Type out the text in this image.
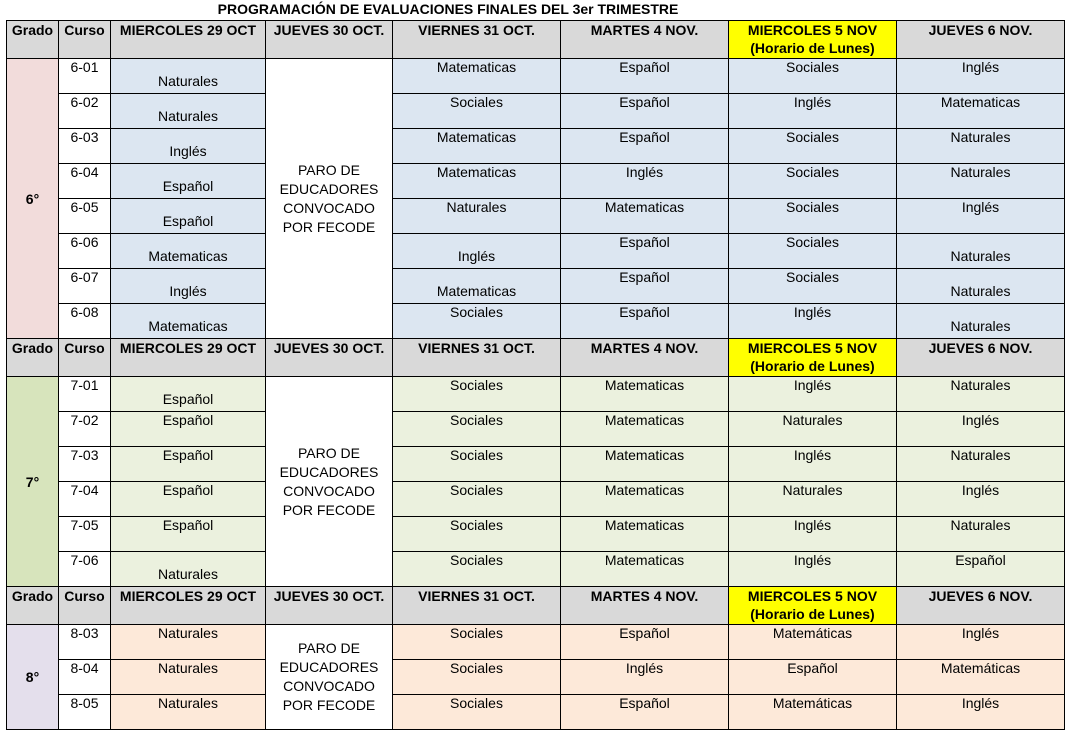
PROGRAMACIÓN DE EVALUACIONES FINALES DEL 3er TRIMESTRE
Grado	Curso	MIERCOLES 29 OCT	JUEVES 30 OCT.	VIERNES 31 OCT.	MARTES 4 NOV.	MIERCOLES 5 NOV
(Horario de Lunes)	JUEVES 6 NOV.
6°	6-01	Naturales	PARO DE
EDUCADORES
CONVOCADO
POR FECODE	Matematicas	Español	Sociales	Inglés
	6-02	Naturales		Sociales	Español	Inglés	Matematicas
	6-03	Inglés		Matematicas	Español	Sociales	Naturales
	6-04	Español		Matematicas	Inglés	Sociales	Naturales
	6-05	Español		Naturales	Matematicas	Sociales	Inglés
	6-06	Matematicas		Inglés	Español	Sociales	Naturales
	6-07	Inglés		Matematicas	Español	Sociales	Naturales
	6-08	Matematicas		Sociales	Español	Inglés	Naturales
Grado	Curso	MIERCOLES 29 OCT	JUEVES 30 OCT.	VIERNES 31 OCT.	MARTES 4 NOV.	MIERCOLES 5 NOV
(Horario de Lunes)	JUEVES 6 NOV.
7°	7-01	Español	PARO DE
EDUCADORES
CONVOCADO
POR FECODE	Sociales	Matematicas	Inglés	Naturales
	7-02	Español		Sociales	Matematicas	Naturales	Inglés
	7-03	Español		Sociales	Matematicas	Inglés	Naturales
	7-04	Español		Sociales	Matematicas	Naturales	Inglés
	7-05	Español		Sociales	Matematicas	Inglés	Naturales
	7-06	Naturales		Sociales	Matematicas	Inglés	Español
Grado	Curso	MIERCOLES 29 OCT	JUEVES 30 OCT.	VIERNES 31 OCT.	MARTES 4 NOV.	MIERCOLES 5 NOV
(Horario de Lunes)	JUEVES 6 NOV.
8°	8-03	Naturales	PARO DE
EDUCADORES
CONVOCADO
POR FECODE	Sociales	Español	Matemáticas	Inglés
	8-04	Naturales		Sociales	Inglés	Español	Matemáticas
	8-05	Naturales		Sociales	Español	Matemáticas	Inglés
